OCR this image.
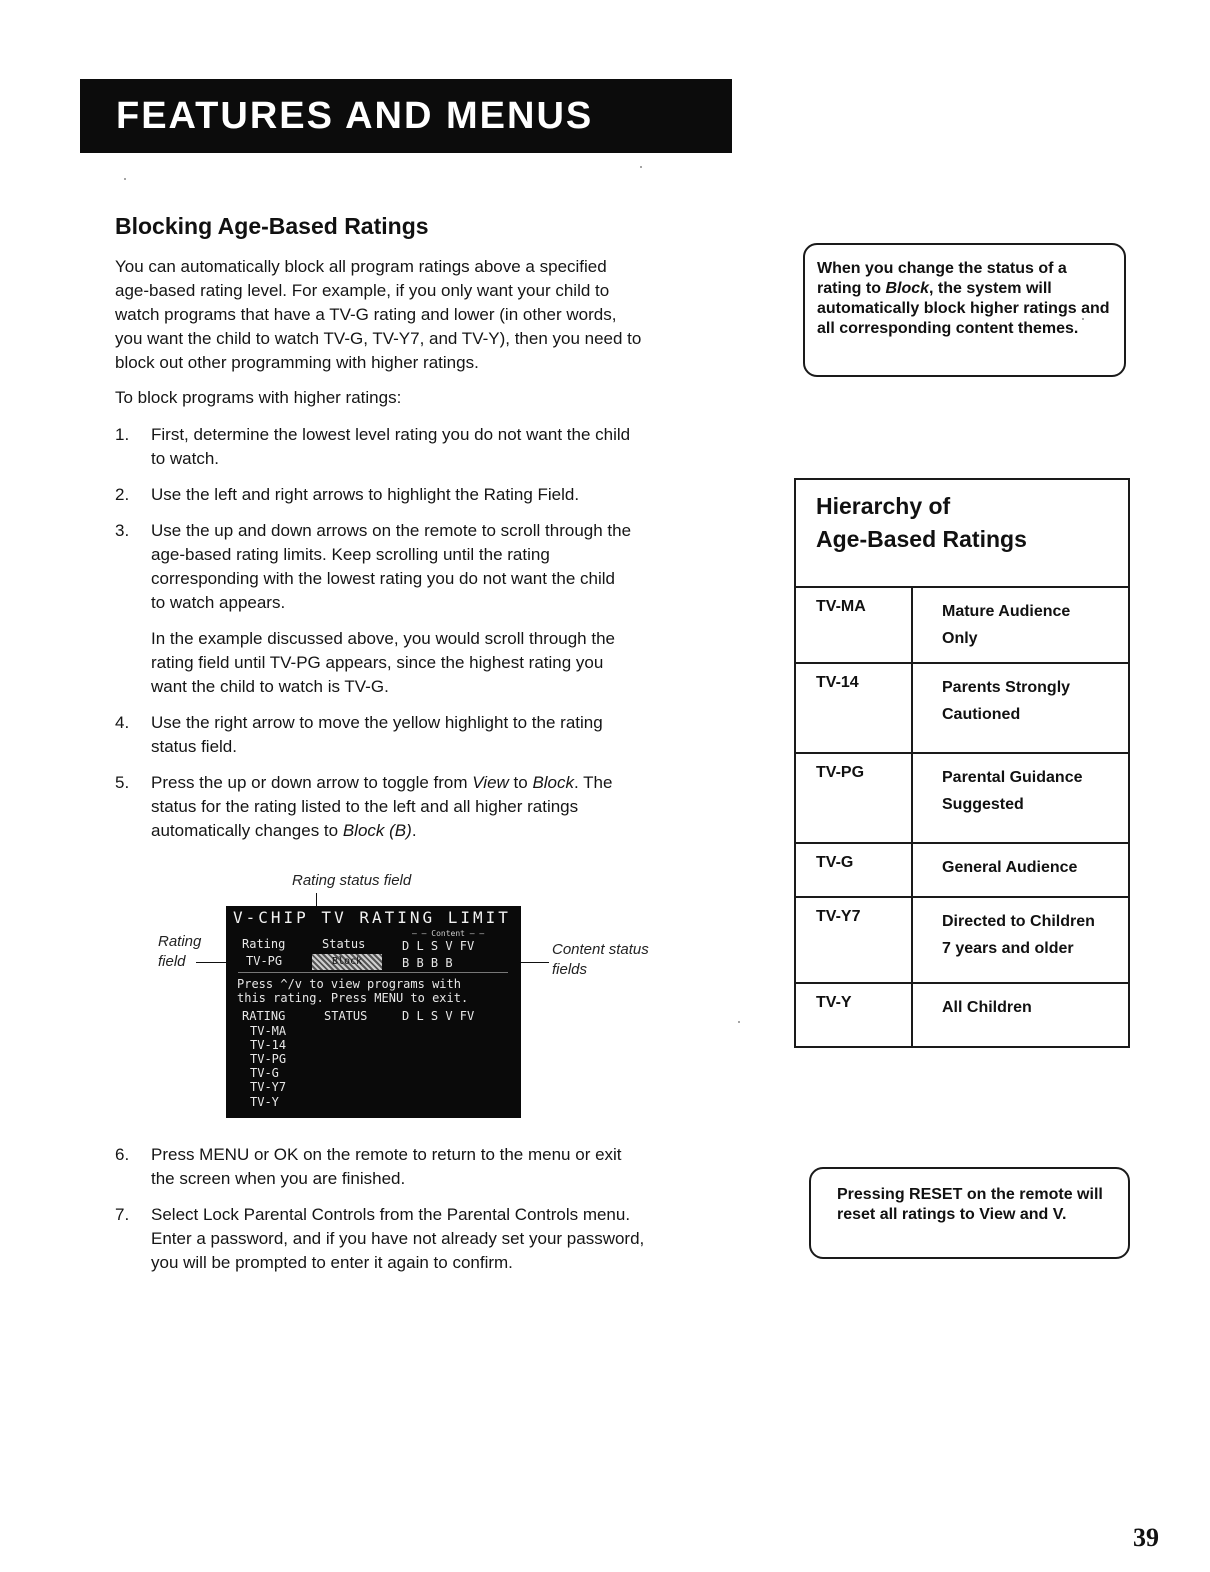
FEATURES AND MENUS
Blocking Age-Based Ratings
You can automatically block all program ratings above a specified
age-based rating level. For example, if you only want your child to
watch programs that have a TV-G rating and lower (in other words,
you want the child to watch TV-G, TV-Y7, and TV-Y), then you need to
block out other programming with higher ratings.
To block programs with higher ratings:
1.	First, determine the lowest level rating you do not want the child
to watch.
2.	Use the left and right arrows to highlight the Rating Field.
3.	Use the up and down arrows on the remote to scroll through the
age-based rating limits. Keep scrolling until the rating
corresponding with the lowest rating you do not want the child
to watch appears.
In the example discussed above, you would scroll through the
rating field until TV-PG appears, since the highest rating you
want the child to watch is TV-G.
4.	Use the right arrow to move the yellow highlight to the rating
status field.
5.	Press the up or down arrow to toggle from View to Block. The
status for the rating listed to the left and all higher ratings
automatically changes to Block (B).
Rating status field
Rating
field
Content status
fields
V-CHIP TV RATING LIMIT
— — Content — —
Rating	Status	D L S V FV
TV-PG	Block	B B B B
Press ^/v to view programs with
this rating. Press MENU to exit.
RATING	STATUS	D L S V FV
TV-MA
TV-14
TV-PG
TV-G
TV-Y7
TV-Y
6.	Press MENU or OK on the remote to return to the menu or exit
the screen when you are finished.
7.	Select Lock Parental Controls from the Parental Controls menu.
Enter a password, and if you have not already set your password,
you will be prompted to enter it again to confirm.
When you change the status of a rating to Block, the system will automatically block higher ratings and all corresponding content themes.
Hierarchy of
Age-Based Ratings
TV-MA	Mature Audience
Only
TV-14	Parents Strongly
Cautioned
TV-PG	Parental Guidance
Suggested
TV-G	General Audience
TV-Y7	Directed to Children
7 years and older
TV-Y	All Children
Pressing RESET on the remote will reset all ratings to View and V.
39
